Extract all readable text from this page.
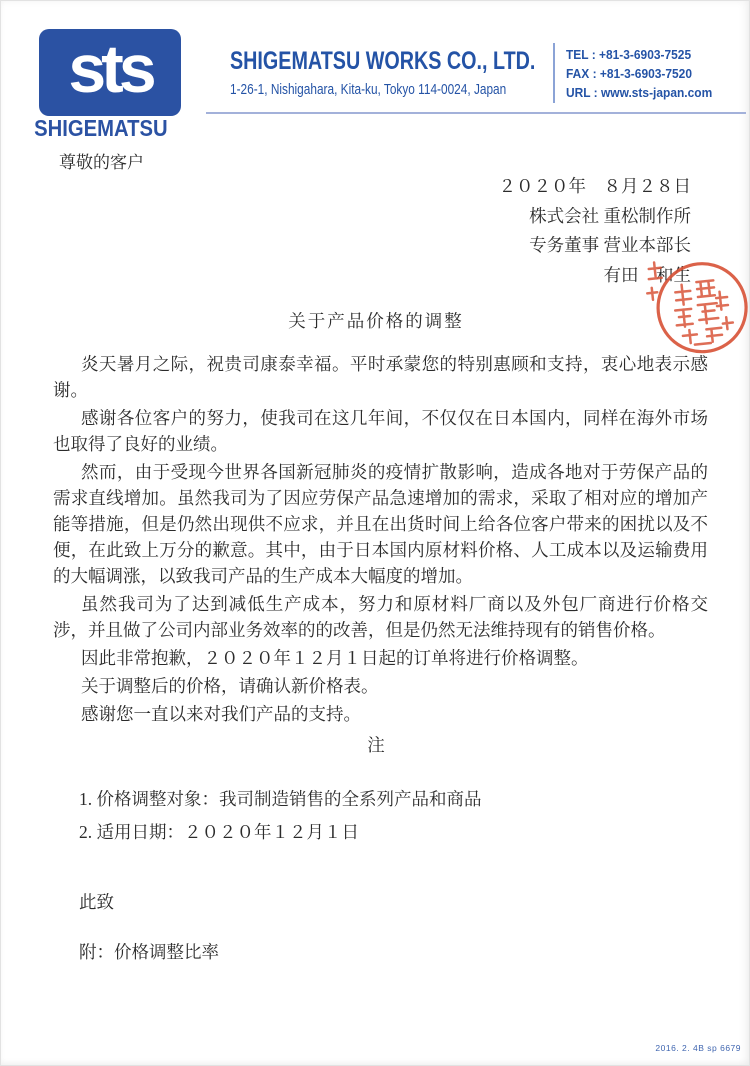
sts
SHIGEMATSU
SHIGEMATSU WORKS CO., LTD.
1-26-1, Nishigahara, Kita-ku, Tokyo 114-0024, Japan
TEL : +81-3-6903-7525
FAX : +81-3-6903-7520
URL : www.sts-japan.com
尊敬的客户
２０２０年　８月２８日
株式会社 重松制作所
专务董事 营业本部长
有田　和生
关于产品价格的调整

炎天暑月之际，祝贵司康泰幸福。平时承蒙您的特别惠顾和支持，衷心地表示感谢。

感谢各位客户的努力，使我司在这几年间，不仅仅在日本国内，同样在海外市场也取得了良好的业绩。

然而，由于受现今世界各国新冠肺炎的疫情扩散影响，造成各地对于劳保产品的需求直线增加。虽然我司为了因应劳保产品急速增加的需求，采取了相对应的增加产能等措施，但是仍然出现供不应求，并且在出货时间上给各位客户带来的困扰以及不便，在此致上万分的歉意。其中，由于日本国内原材料价格、人工成本以及运输费用的大幅调涨，以致我司产品的生产成本大幅度的增加。

虽然我司为了达到减低生产成本，努力和原材料厂商以及外包厂商进行价格交涉，并且做了公司内部业务效率的的改善，但是仍然无法维持现有的销售价格。

因此非常抱歉，２０２０年１２月１日起的订单将进行价格调整。

关于调整后的价格，请确认新价格表。

感谢您一直以来对我们产品的支持。

注
1. 价格调整对象：我司制造销售的全系列产品和商品
2. 适用日期：２０２０年１２月１日
此致
附：价格调整比率
2016. 2. 4B sp 6679
